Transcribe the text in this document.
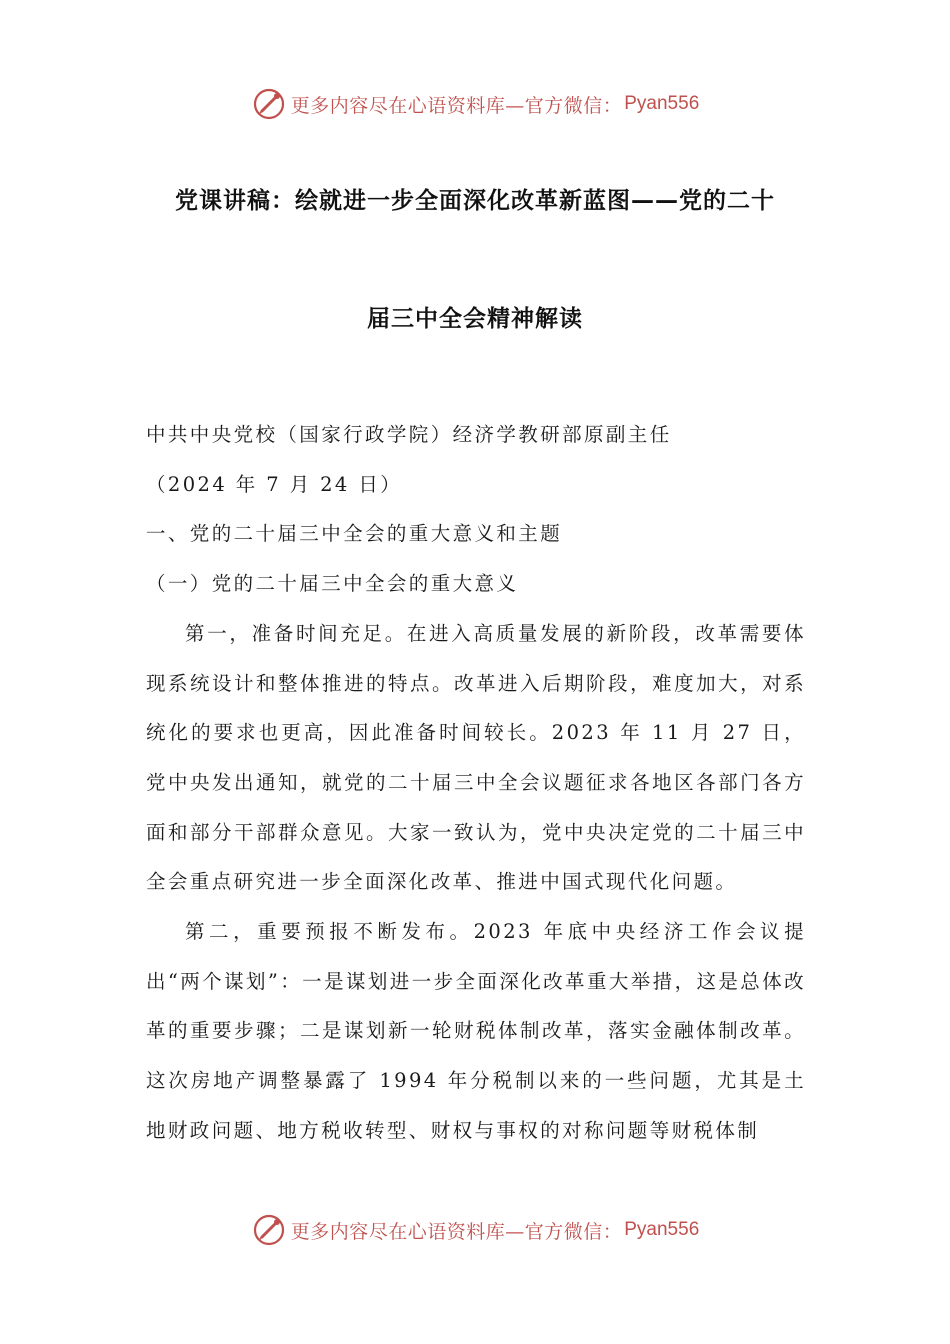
更多内容尽在心语资料库—官方微信： Pyan556
党课讲稿：绘就进一步全面深化改革新蓝图——党的二十
届三中全会精神解读

中共中央党校（国家行政学院）经济学教研部原副主任

（2024 年 7 月 24 日）

一、党的二十届三中全会的重大意义和主题

（一）党的二十届三中全会的重大意义

第一，准备时间充足。在进入高质量发展的新阶段，改革需要体现系统设计和整体推进的特点。改革进入后期阶段，难度加大，对系统化的要求也更高，因此准备时间较长。2023 年 11 月 27 日，党中央发出通知，就党的二十届三中全会议题征求各地区各部门各方面和部分干部群众意见。大家一致认为，党中央决定党的二十届三中全会重点研究进一步全面深化改革、推进中国式现代化问题。

第二，重要预报不断发布。2023 年底中央经济工作会议提出“两个谋划”：一是谋划进一步全面深化改革重大举措，这是总体改革的重要步骤；二是谋划新一轮财税体制改革，落实金融体制改革。这次房地产调整暴露了 1994 年分税制以来的一些问题，尤其是土地财政问题、地方税收转型、财权与事权的对称问题等财税体制

更多内容尽在心语资料库—官方微信： Pyan556
